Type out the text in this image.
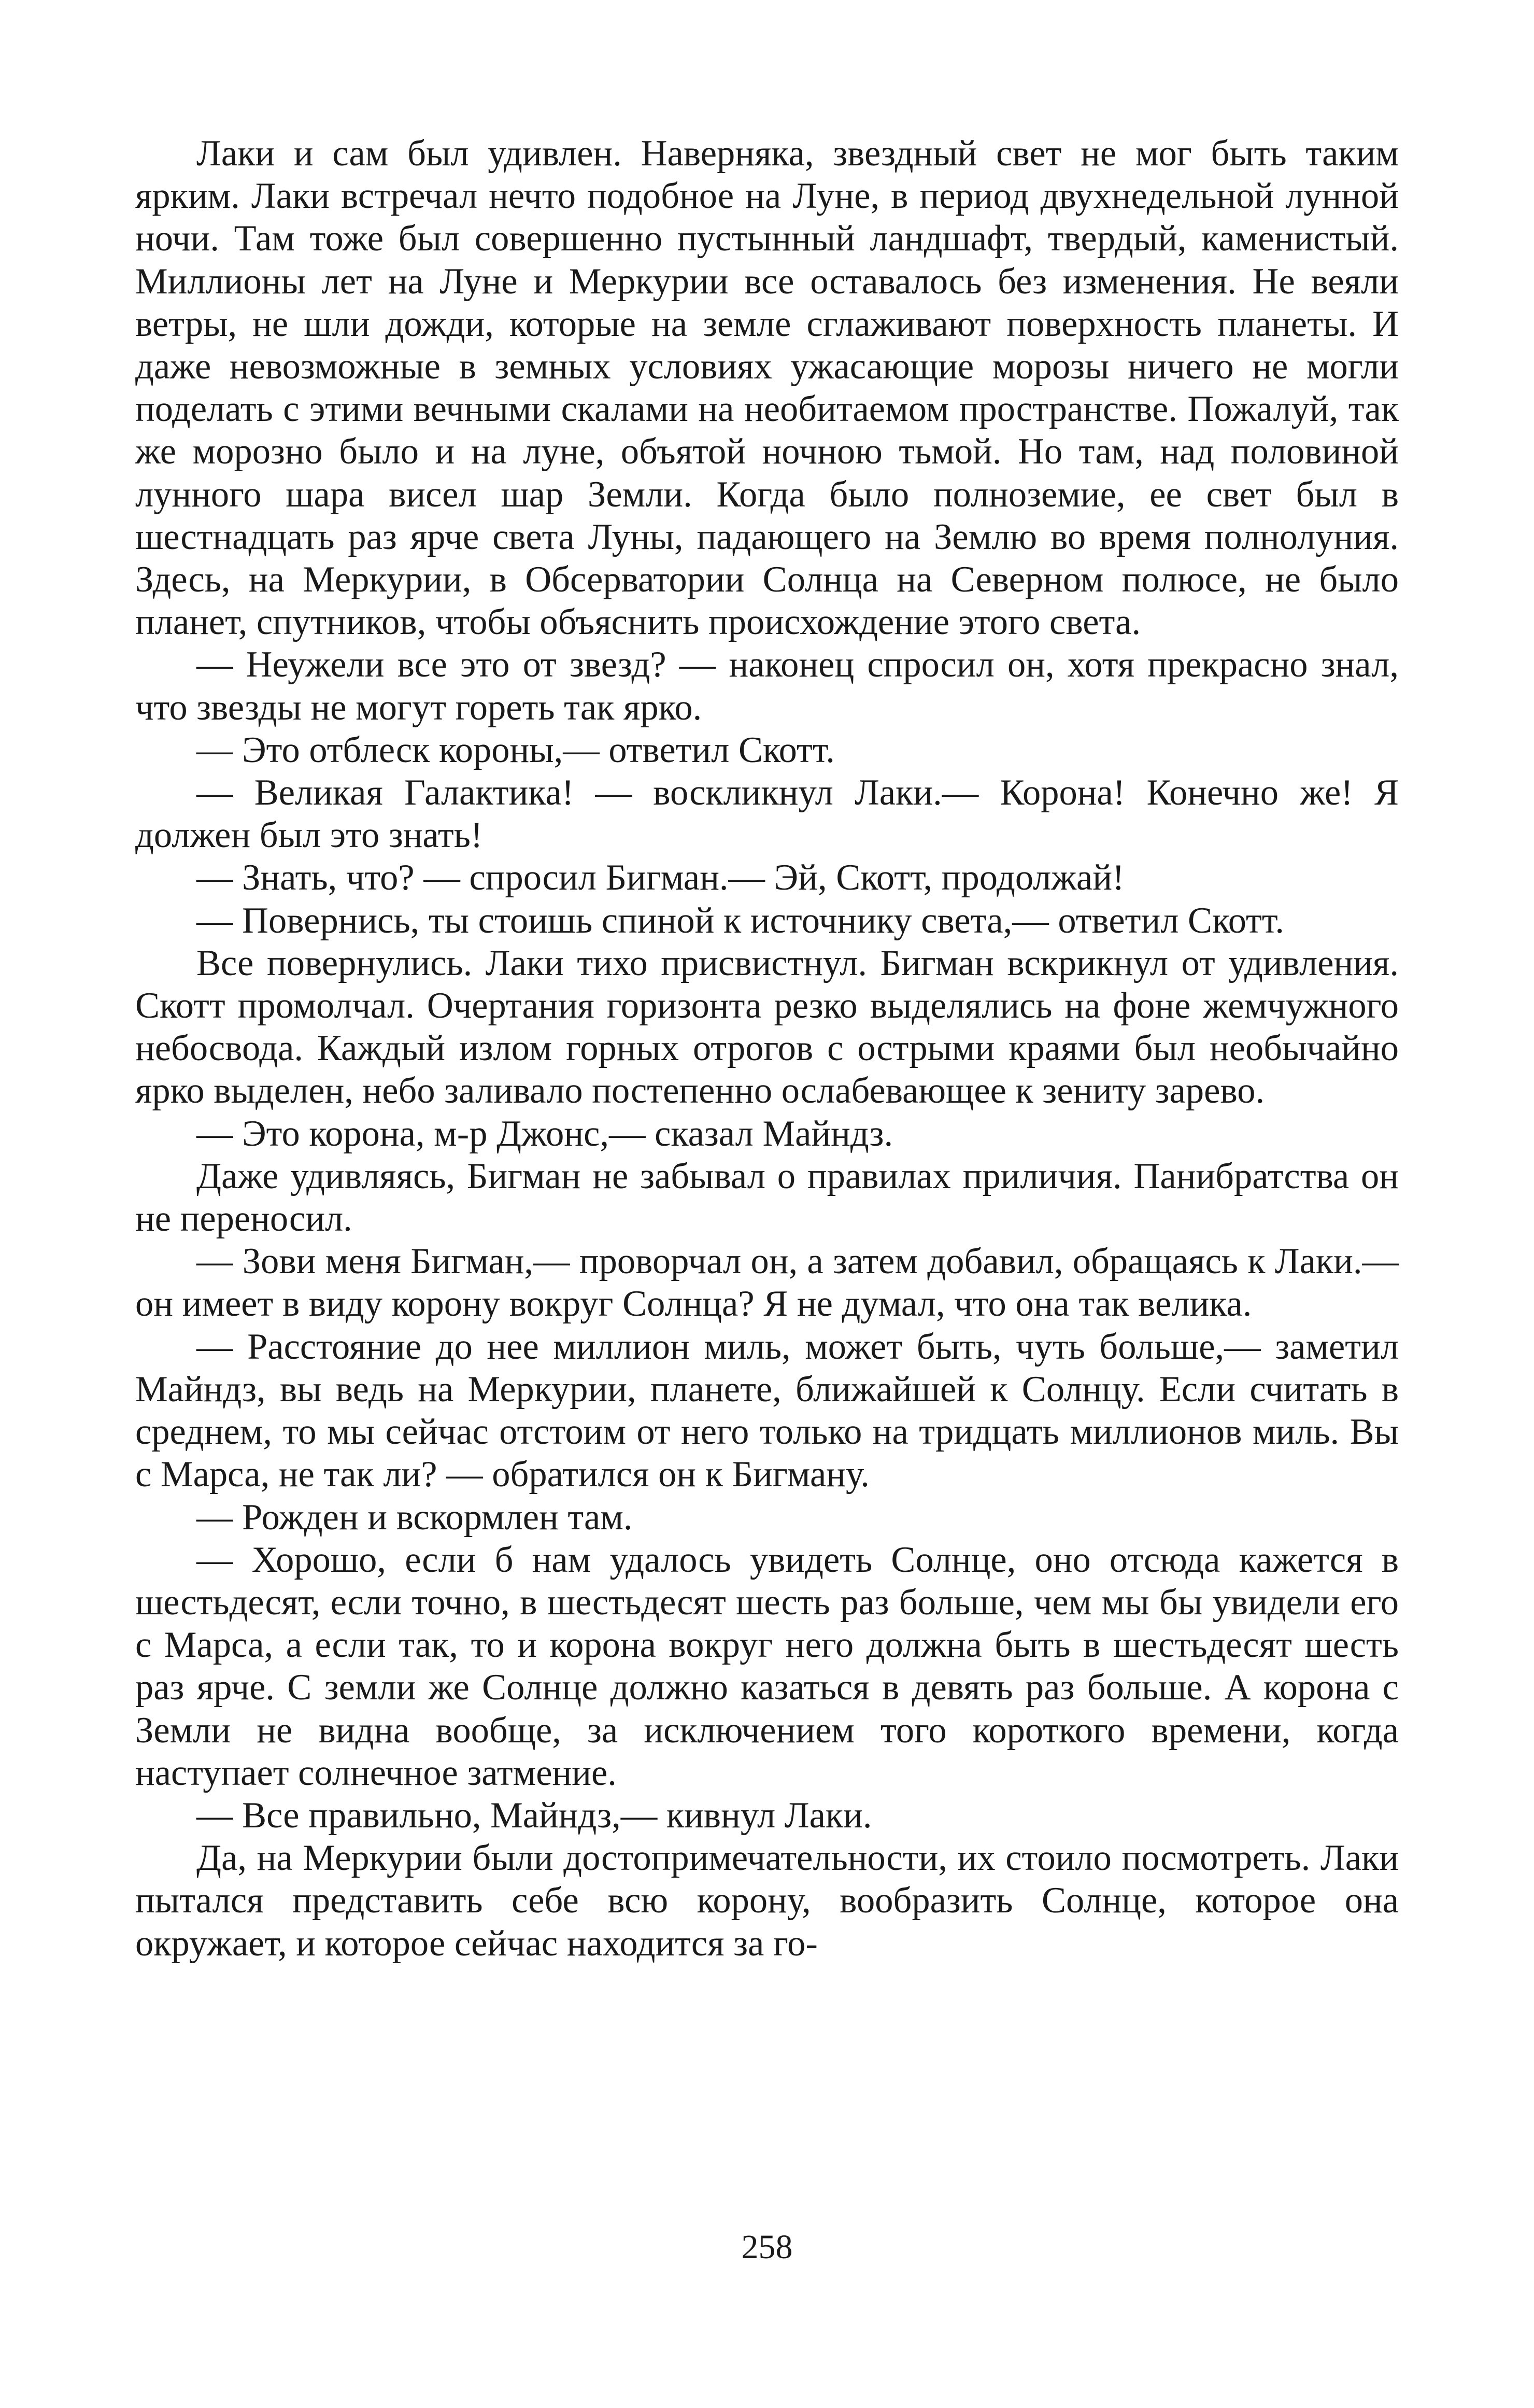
Лаки и сам был удивлен. Наверняка, звездный свет не мог быть таким ярким. Лаки встречал нечто подобное на Луне, в период двухнедельной лунной ночи. Там тоже был совершенно пустынный ландшафт, твердый, каменистый. Миллионы лет на Луне и Меркурии все оставалось без изменения. Не веяли ветры, не шли дожди, которые на земле сглаживают поверхность планеты. И даже невозможные в земных условиях ужасающие морозы ничего не могли поделать с этими вечными скалами на необитаемом пространстве. Пожалуй, так же морозно было и на луне, объятой ночною тьмой. Но там, над половиной лунного шара висел шар Земли. Когда было полноземие, ее свет был в шестнадцать раз ярче света Луны, падающего на Землю во время полнолуния. Здесь, на Меркурии, в Обсерватории Солнца на Северном полюсе, не было планет, спутников, чтобы объяснить происхождение этого света.

— Неужели все это от звезд? — наконец спросил он, хотя прекрасно знал, что звезды не могут гореть так ярко.

— Это отблеск короны,— ответил Скотт.

— Великая Галактика! — воскликнул Лаки.— Корона! Конечно же! Я должен был это знать!

— Знать, что? — спросил Бигман.— Эй, Скотт, продолжай!

— Повернись, ты стоишь спиной к источнику света,— ответил Скотт.

Все повернулись. Лаки тихо присвистнул. Бигман вскрикнул от удивления. Скотт промолчал. Очертания горизонта резко выделялись на фоне жемчужного небосвода. Каждый излом горных отрогов с острыми краями был необычайно ярко выделен, небо заливало постепенно ослабевающее к зениту зарево.

— Это корона, м-р Джонс,— сказал Майндз.

Даже удивляясь, Бигман не забывал о правилах приличия. Панибратства он не переносил.

— Зови меня Бигман,— проворчал он, а затем добавил, обращаясь к Лаки.— он имеет в виду корону вокруг Солнца? Я не думал, что она так велика.

— Расстояние до нее миллион миль, может быть, чуть больше,— заметил Майндз, вы ведь на Меркурии, планете, ближайшей к Солнцу. Если считать в среднем, то мы сейчас отстоим от него только на тридцать миллионов миль. Вы с Марса, не так ли? — обратился он к Бигману.

— Рожден и вскормлен там.

— Хорошо, если б нам удалось увидеть Солнце, оно отсюда кажется в шестьдесят, если точно, в шестьдесят шесть раз больше, чем мы бы увидели его с Марса, а если так, то и корона вокруг него должна быть в шестьдесят шесть раз ярче. С земли же Солнце должно казаться в девять раз больше. А корона с Земли не видна вообще, за исключением того короткого времени, когда наступает солнечное затмение.

— Все правильно, Майндз,— кивнул Лаки.

Да, на Меркурии были достопримечательности, их стоило посмотреть. Лаки пытался представить себе всю корону, вообразить Солнце, которое она окружает, и которое сейчас находится за го-

258
